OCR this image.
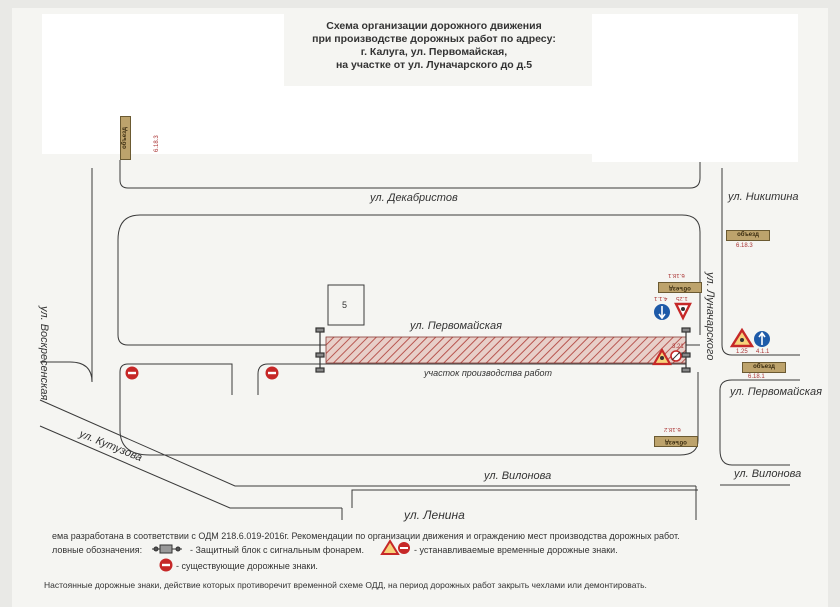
Схема организации дорожного движения
при производстве дорожных работ по адресу:
г. Калуга, ул. Первомайская,
на участке от ул. Луначарского до д.5
ул. Декабристов	ул. Никитина
ул. Воскресенская	ул. Луначарского
ул. Первомайская
ул. Первомайская
ул. Кутузова
ул. Вилонова	ул. Вилонова
ул. Ленина
участок производства работ
5
объезд	6.18.3
объезд
6.18.3
объезд
6.18.1
объезд
6.18.1
объезд
6.18.2
4.1.1 1.25
1.25 4.1.1
3.21
ема разработана в соответствии с ОДМ 218.6.019-2016г. Рекомендации по организации движения и ограждению мест производства дорожных работ.
ловные обозначения:	- Защитный блок с сигнальным фонарем.	- устанавливаемые временные дорожные знаки.
- существующие дорожные знаки.
Настоянные дорожные знаки, действие которых противоречит временной схеме ОДД, на период дорожных работ закрыть чехлами или демонтировать.
